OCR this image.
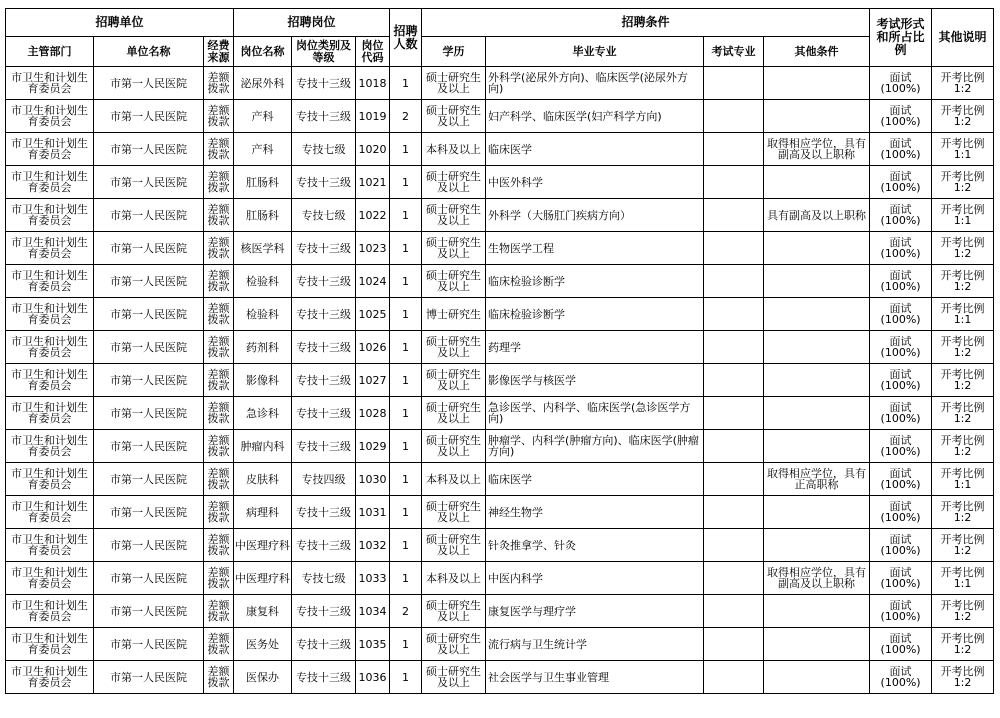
招聘单位			招聘岗位			招聘人数	招聘条件				考试形式和所占比例	其他说明
主管部门	单位名称	经费来源	岗位名称	岗位类别及等级	岗位代码		学历	毕业专业	考试专业	其他条件		
市卫生和计划生育委员会	市第一人民医院	差额拨款	泌尿外科	专技十三级	1018	1	硕士研究生及以上	外科学(泌尿外方向)、临床医学(泌尿外方向)			面试(100%)	开考比例1:2
市卫生和计划生育委员会	市第一人民医院	差额拨款	产科	专技十三级	1019	2	硕士研究生及以上	妇产科学、临床医学(妇产科学方向)			面试(100%)	开考比例1:2
市卫生和计划生育委员会	市第一人民医院	差额拨款	产科	专技七级	1020	1	本科及以上	临床医学		取得相应学位，具有副高及以上职称	面试(100%)	开考比例1:1
市卫生和计划生育委员会	市第一人民医院	差额拨款	肛肠科	专技十三级	1021	1	硕士研究生及以上	中医外科学			面试(100%)	开考比例1:2
市卫生和计划生育委员会	市第一人民医院	差额拨款	肛肠科	专技七级	1022	1	硕士研究生及以上	外科学（大肠肛门疾病方向）		具有副高及以上职称	面试(100%)	开考比例1:1
市卫生和计划生育委员会	市第一人民医院	差额拨款	核医学科	专技十三级	1023	1	硕士研究生及以上	生物医学工程			面试(100%)	开考比例1:2
市卫生和计划生育委员会	市第一人民医院	差额拨款	检验科	专技十三级	1024	1	硕士研究生及以上	临床检验诊断学			面试(100%)	开考比例1:2
市卫生和计划生育委员会	市第一人民医院	差额拨款	检验科	专技十三级	1025	1	博士研究生	临床检验诊断学			面试(100%)	开考比例1:1
市卫生和计划生育委员会	市第一人民医院	差额拨款	药剂科	专技十三级	1026	1	硕士研究生及以上	药理学			面试(100%)	开考比例1:2
市卫生和计划生育委员会	市第一人民医院	差额拨款	影像科	专技十三级	1027	1	硕士研究生及以上	影像医学与核医学			面试(100%)	开考比例1:2
市卫生和计划生育委员会	市第一人民医院	差额拨款	急诊科	专技十三级	1028	1	硕士研究生及以上	急诊医学、内科学、临床医学(急诊医学方向)			面试(100%)	开考比例1:2
市卫生和计划生育委员会	市第一人民医院	差额拨款	肿瘤内科	专技十三级	1029	1	硕士研究生及以上	肿瘤学、内科学(肿瘤方向)、临床医学(肿瘤方向)			面试(100%)	开考比例1:2
市卫生和计划生育委员会	市第一人民医院	差额拨款	皮肤科	专技四级	1030	1	本科及以上	临床医学		取得相应学位，具有正高职称	面试(100%)	开考比例1:1
市卫生和计划生育委员会	市第一人民医院	差额拨款	病理科	专技十三级	1031	1	硕士研究生及以上	神经生物学			面试(100%)	开考比例1:2
市卫生和计划生育委员会	市第一人民医院	差额拨款	中医理疗科	专技十三级	1032	1	硕士研究生及以上	针灸推拿学、针灸			面试(100%)	开考比例1:2
市卫生和计划生育委员会	市第一人民医院	差额拨款	中医理疗科	专技七级	1033	1	本科及以上	中医内科学		取得相应学位，具有副高及以上职称	面试(100%)	开考比例1:1
市卫生和计划生育委员会	市第一人民医院	差额拨款	康复科	专技十三级	1034	2	硕士研究生及以上	康复医学与理疗学			面试(100%)	开考比例1:2
市卫生和计划生育委员会	市第一人民医院	差额拨款	医务处	专技十三级	1035	1	硕士研究生及以上	流行病与卫生统计学			面试(100%)	开考比例1:2
市卫生和计划生育委员会	市第一人民医院	差额拨款	医保办	专技十三级	1036	1	硕士研究生及以上	社会医学与卫生事业管理			面试(100%)	开考比例1:2
